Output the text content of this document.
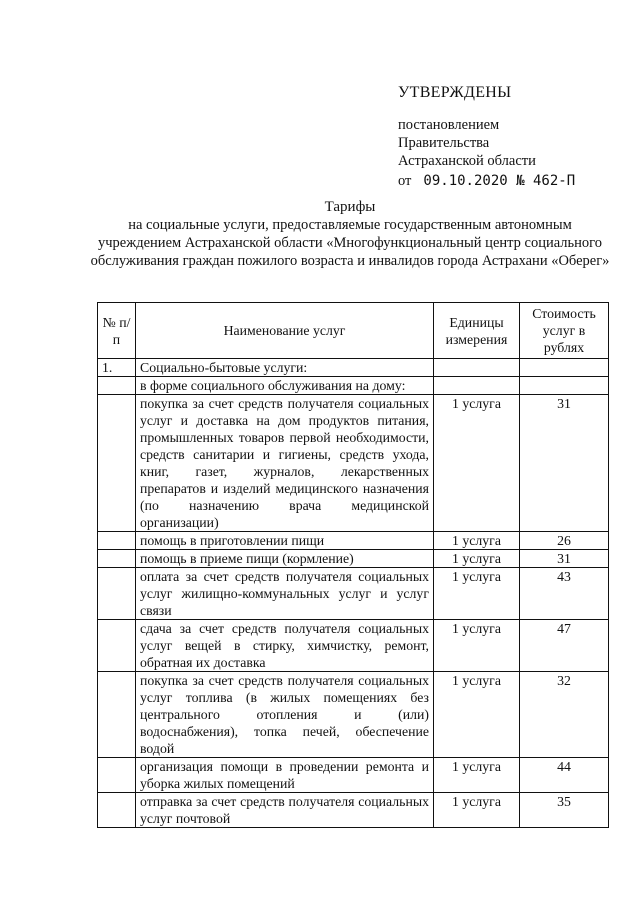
УТВЕРЖДЕНЫ
постановлением
Правительства
Астраханской области
от 09.10.2020 № 462-П
Тарифы
на социальные услуги, предоставляемые государственным автономным учреждением Астраханской области «Многофункциональный центр социального обслуживания граждан пожилого возраста и инвалидов города Астрахани «Оберег»
№ п/п	Наименование услуг	Единицы измерения	Стоимость услуг в рублях
1.	Социально-бытовые услуги:		
	в форме социального обслуживания на дому:		
	покупка за счет средств получателя социальных услуг и доставка на дом продуктов питания, промышленных товаров первой необходимости, средств санитарии и гигиены, средств ухода, книг, газет, журналов, лекарственных препаратов и изделий медицинского назначения (по назначению врача медицинской организации)	1 услуга	31
	помощь в приготовлении пищи	1 услуга	26
	помощь в приеме пищи (кормление)	1 услуга	31
	оплата за счет средств получателя социальных услуг жилищно-коммунальных услуг и услуг связи	1 услуга	43
	сдача за счет средств получателя социальных услуг вещей в стирку, химчистку, ремонт, обратная их доставка	1 услуга	47
	покупка за счет средств получателя социальных услуг топлива (в жилых помещениях без центрального отопления и (или) водоснабжения), топка печей, обеспечение водой	1 услуга	32
	организация помощи в проведении ремонта и уборка жилых помещений	1 услуга	44
	отправка за счет средств получателя социальных услуг почтовой	1 услуга	35
